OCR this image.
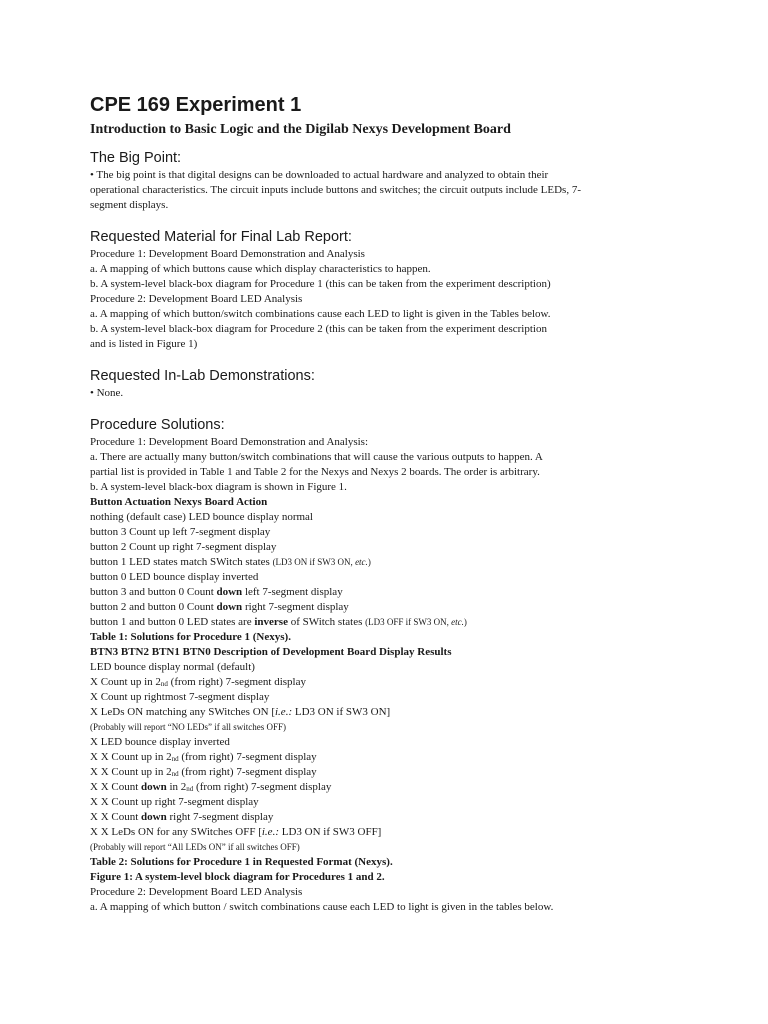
CPE 169 Experiment 1
Introduction to Basic Logic and the Digilab Nexys Development Board
The Big Point:
• The big point is that digital designs can be downloaded to actual hardware and analyzed to obtain their
operational characteristics. The circuit inputs include buttons and switches; the circuit outputs include LEDs, 7-
segment displays.
Requested Material for Final Lab Report:
Procedure 1: Development Board Demonstration and Analysis
a. A mapping of which buttons cause which display characteristics to happen.
b. A system-level black-box diagram for Procedure 1 (this can be taken from the experiment description)
Procedure 2: Development Board LED Analysis
a. A mapping of which button/switch combinations cause each LED to light is given in the Tables below.
b. A system-level black-box diagram for Procedure 2 (this can be taken from the experiment description
and is listed in Figure 1)
Requested In-Lab Demonstrations:
• None.
Procedure Solutions:
Procedure 1: Development Board Demonstration and Analysis:
a. There are actually many button/switch combinations that will cause the various outputs to happen. A
partial list is provided in Table 1 and Table 2 for the Nexys and Nexys 2 boards. The order is arbitrary.
b. A system-level black-box diagram is shown in Figure 1.
Button Actuation Nexys Board Action
nothing (default case) LED bounce display normal
button 3 Count up left 7-segment display
button 2 Count up right 7-segment display
button 1 LED states match SWitch states (LD3 ON if SW3 ON, etc.)
button 0 LED bounce display inverted
button 3 and button 0 Count down left 7-segment display
button 2 and button 0 Count down right 7-segment display
button 1 and button 0 LED states are inverse of SWitch states (LD3 OFF if SW3 ON, etc.)
Table 1: Solutions for Procedure 1 (Nexys).
BTN3 BTN2 BTN1 BTN0 Description of Development Board Display Results
LED bounce display normal (default)
X Count up in 2nd (from right) 7-segment display
X Count up rightmost 7-segment display
X LeDs ON matching any SWitches ON [i.e.: LD3 ON if SW3 ON]
(Probably will report “NO LEDs” if all switches OFF)
X LED bounce display inverted
X X Count up in 2nd (from right) 7-segment display
X X Count up in 2nd (from right) 7-segment display
X X Count down in 2nd (from right) 7-segment display
X X Count up right 7-segment display
X X Count down right 7-segment display
X X LeDs ON for any SWitches OFF [i.e.: LD3 ON if SW3 OFF]
(Probably will report “All LEDs ON” if all switches OFF)
Table 2: Solutions for Procedure 1 in Requested Format (Nexys).
Figure 1: A system-level block diagram for Procedures 1 and 2.
Procedure 2: Development Board LED Analysis
a. A mapping of which button / switch combinations cause each LED to light is given in the tables below.
